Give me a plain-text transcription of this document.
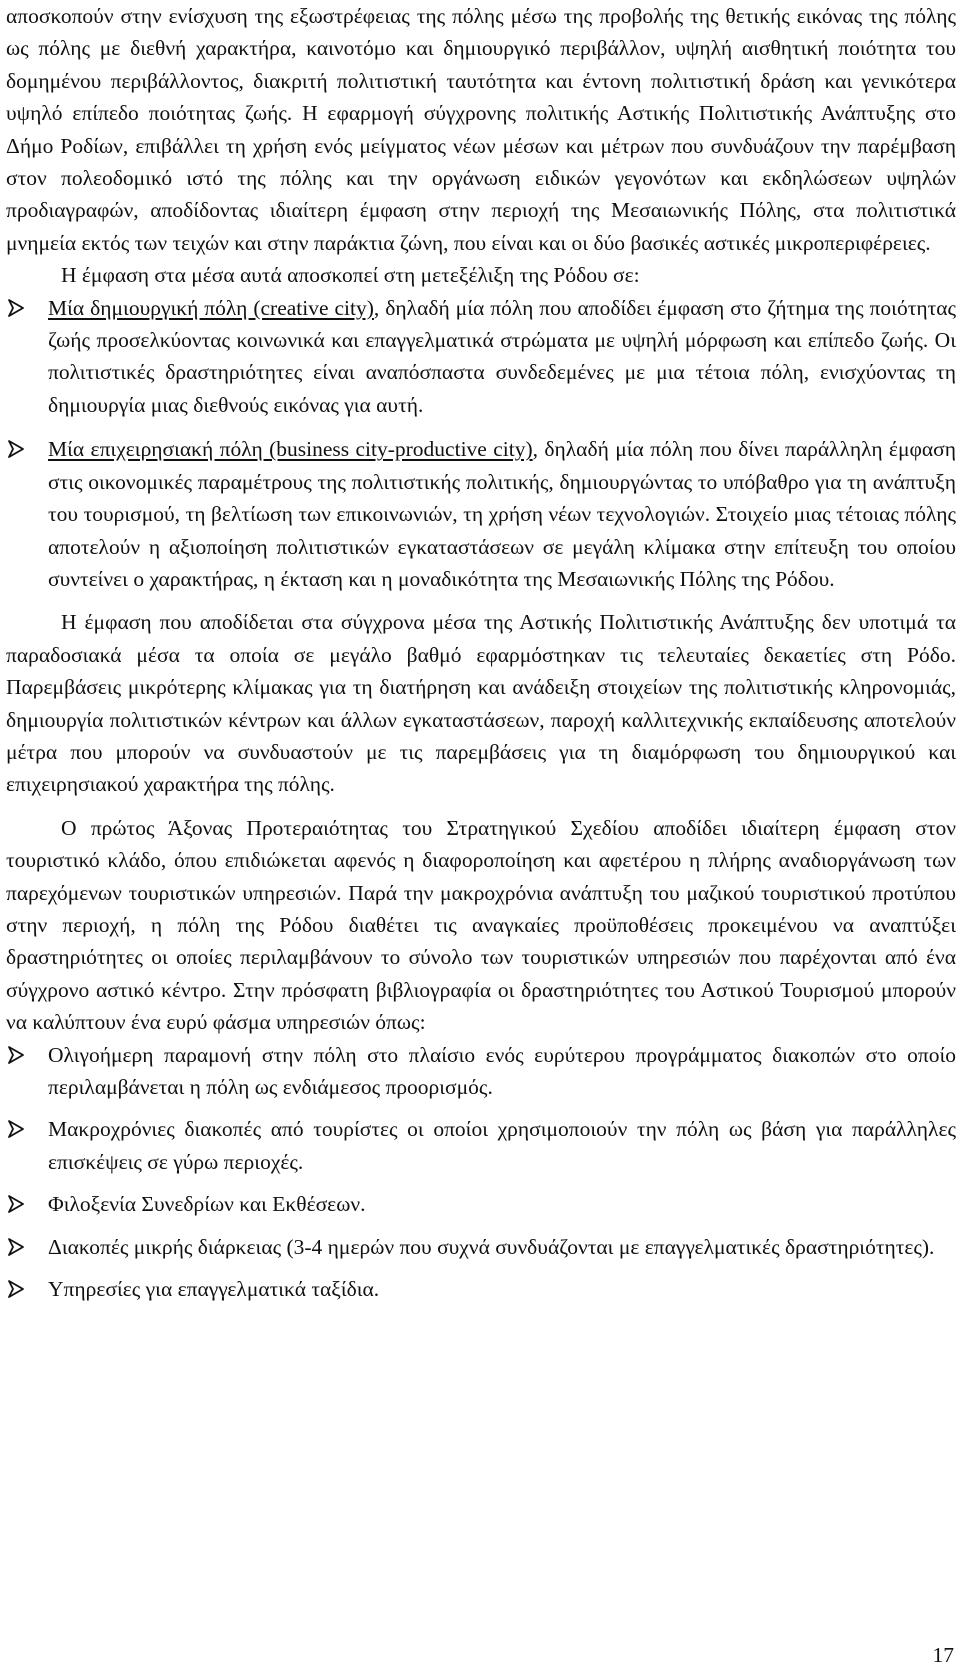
αποσκοπούν στην ενίσχυση της εξωστρέφειας της πόλης μέσω της προβολής της θετικής εικόνας της πόλης ως πόλης με διεθνή χαρακτήρα, καινοτόμο και δημιουργικό περιβάλλον, υψηλή αισθητική ποιότητα του δομημένου περιβάλλοντος, διακριτή πολιτιστική ταυτότητα και έντονη πολιτιστική δράση και γενικότερα υψηλό επίπεδο ποιότητας ζωής. Η εφαρμογή σύγχρονης πολιτικής Αστικής Πολιτιστικής Ανάπτυξης στο Δήμο Ροδίων, επιβάλλει τη χρήση ενός μείγματος νέων μέσων και μέτρων που συνδυάζουν την παρέμβαση στον πολεοδομικό ιστό της πόλης και την οργάνωση ειδικών γεγονότων και εκδηλώσεων υψηλών προδιαγραφών, αποδίδοντας ιδιαίτερη έμφαση στην περιοχή της Μεσαιωνικής Πόλης, στα πολιτιστικά μνημεία εκτός των τειχών και στην παράκτια ζώνη, που είναι και οι δύο βασικές αστικές μικροπεριφέρειες.

Η έμφαση στα μέσα αυτά αποσκοπεί στη μετεξέλιξη της Ρόδου σε:

Μία δημιουργική πόλη (creative city), δηλαδή μία πόλη που αποδίδει έμφαση στο ζήτημα της ποιότητας ζωής προσελκύοντας κοινωνικά και επαγγελματικά στρώματα με υψηλή μόρφωση και επίπεδο ζωής. Οι πολιτιστικές δραστηριότητες είναι αναπόσπαστα συνδεδεμένες με μια τέτοια πόλη, ενισχύοντας τη δημιουργία μιας διεθνούς εικόνας για αυτή.
Μία επιχειρησιακή πόλη (business city-productive city), δηλαδή μία πόλη που δίνει παράλληλη έμφαση στις οικονομικές παραμέτρους της πολιτιστικής πολιτικής, δημιουργώντας το υπόβαθρο για τη ανάπτυξη του τουρισμού, τη βελτίωση των επικοινωνιών, τη χρήση νέων τεχνολογιών. Στοιχείο μιας τέτοιας πόλης αποτελούν η αξιοποίηση πολιτιστικών εγκαταστάσεων σε μεγάλη κλίμακα στην επίτευξη του οποίου συντείνει ο χαρακτήρας, η έκταση και η μοναδικότητα της Μεσαιωνικής Πόλης της Ρόδου.

Η έμφαση που αποδίδεται στα σύγχρονα μέσα της Αστικής Πολιτιστικής Ανάπτυξης δεν υποτιμά τα παραδοσιακά μέσα τα οποία σε μεγάλο βαθμό εφαρμόστηκαν τις τελευταίες δεκαετίες στη Ρόδο. Παρεμβάσεις μικρότερης κλίμακας για τη διατήρηση και ανάδειξη στοιχείων της πολιτιστικής κληρονομιάς, δημιουργία πολιτιστικών κέντρων και άλλων εγκαταστάσεων, παροχή καλλιτεχνικής εκπαίδευσης αποτελούν μέτρα που μπορούν να συνδυαστούν με τις παρεμβάσεις για τη διαμόρφωση του δημιουργικού και επιχειρησιακού χαρακτήρα της πόλης.

Ο πρώτος Άξονας Προτεραιότητας του Στρατηγικού Σχεδίου αποδίδει ιδιαίτερη έμφαση στον τουριστικό κλάδο, όπου επιδιώκεται αφενός η διαφοροποίηση και αφετέρου η πλήρης αναδιοργάνωση των παρεχόμενων τουριστικών υπηρεσιών. Παρά την μακροχρόνια ανάπτυξη του μαζικού τουριστικού προτύπου στην περιοχή, η πόλη της Ρόδου διαθέτει τις αναγκαίες προϋποθέσεις προκειμένου να αναπτύξει δραστηριότητες οι οποίες περιλαμβάνουν το σύνολο των τουριστικών υπηρεσιών που παρέχονται από ένα σύγχρονο αστικό κέντρο. Στην πρόσφατη βιβλιογραφία οι δραστηριότητες του Αστικού Τουρισμού μπορούν να καλύπτουν ένα ευρύ φάσμα υπηρεσιών όπως:

Ολιγοήμερη παραμονή στην πόλη στο πλαίσιο ενός ευρύτερου προγράμματος διακοπών στο οποίο περιλαμβάνεται η πόλη ως ενδιάμεσος προορισμός.
Μακροχρόνιες διακοπές από τουρίστες οι οποίοι χρησιμοποιούν την πόλη ως βάση για παράλληλες επισκέψεις σε γύρω περιοχές.
Φιλοξενία Συνεδρίων και Εκθέσεων.
Διακοπές μικρής διάρκειας (3-4 ημερών που συχνά συνδυάζονται με επαγγελματικές δραστηριότητες).
Υπηρεσίες για επαγγελματικά ταξίδια.
17
